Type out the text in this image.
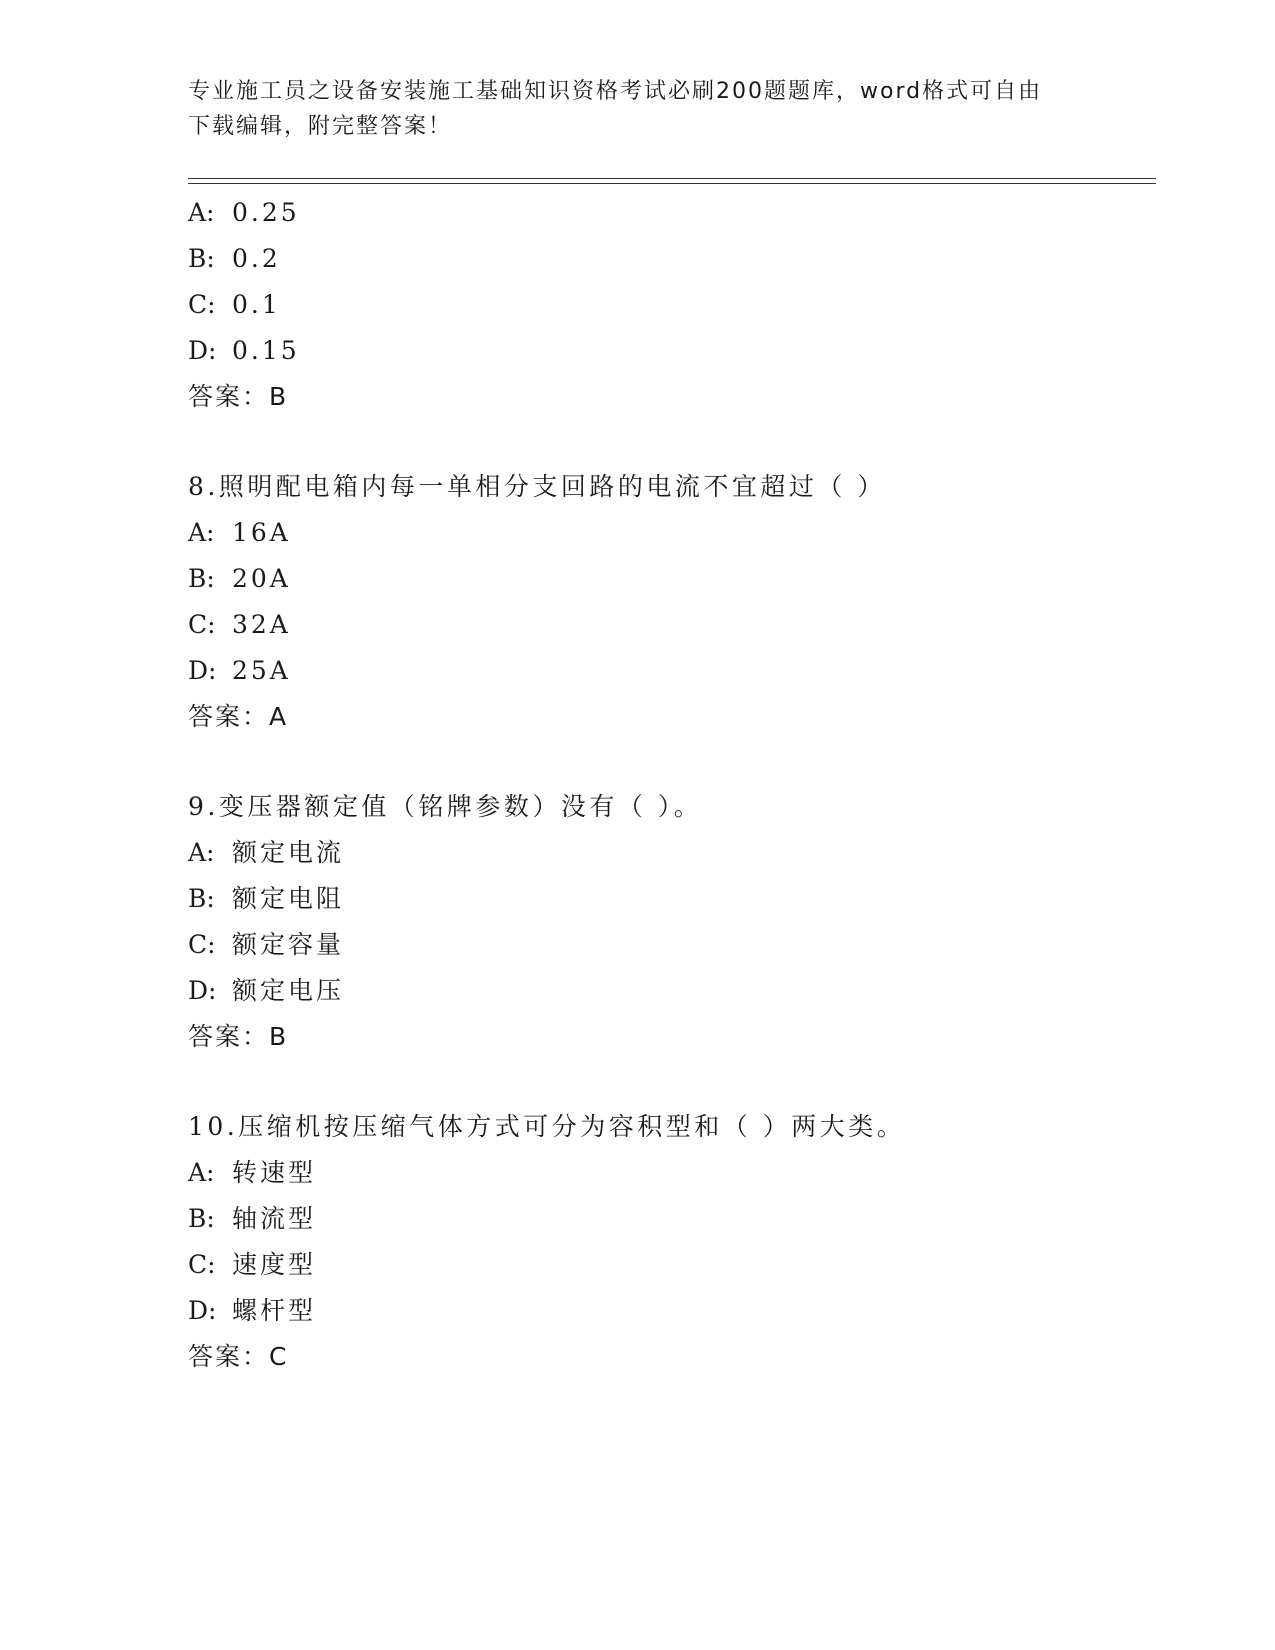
专业施工员之设备安装施工基础知识资格考试必刷200题题库，word格式可自由
下载编辑，附完整答案！
A: 0.25
B: 0.2
C: 0.1
D: 0.15
答案：B
8.照明配电箱内每一单相分支回路的电流不宜超过（ ）
A: 16A
B: 20A
C: 32A
D: 25A
答案：A
9.变压器额定值（铭牌参数）没有（ ）。
A: 额定电流
B: 额定电阻
C: 额定容量
D: 额定电压
答案：B
10.压缩机按压缩气体方式可分为容积型和（ ）两大类。
A: 转速型
B: 轴流型
C: 速度型
D: 螺杆型
答案：C
